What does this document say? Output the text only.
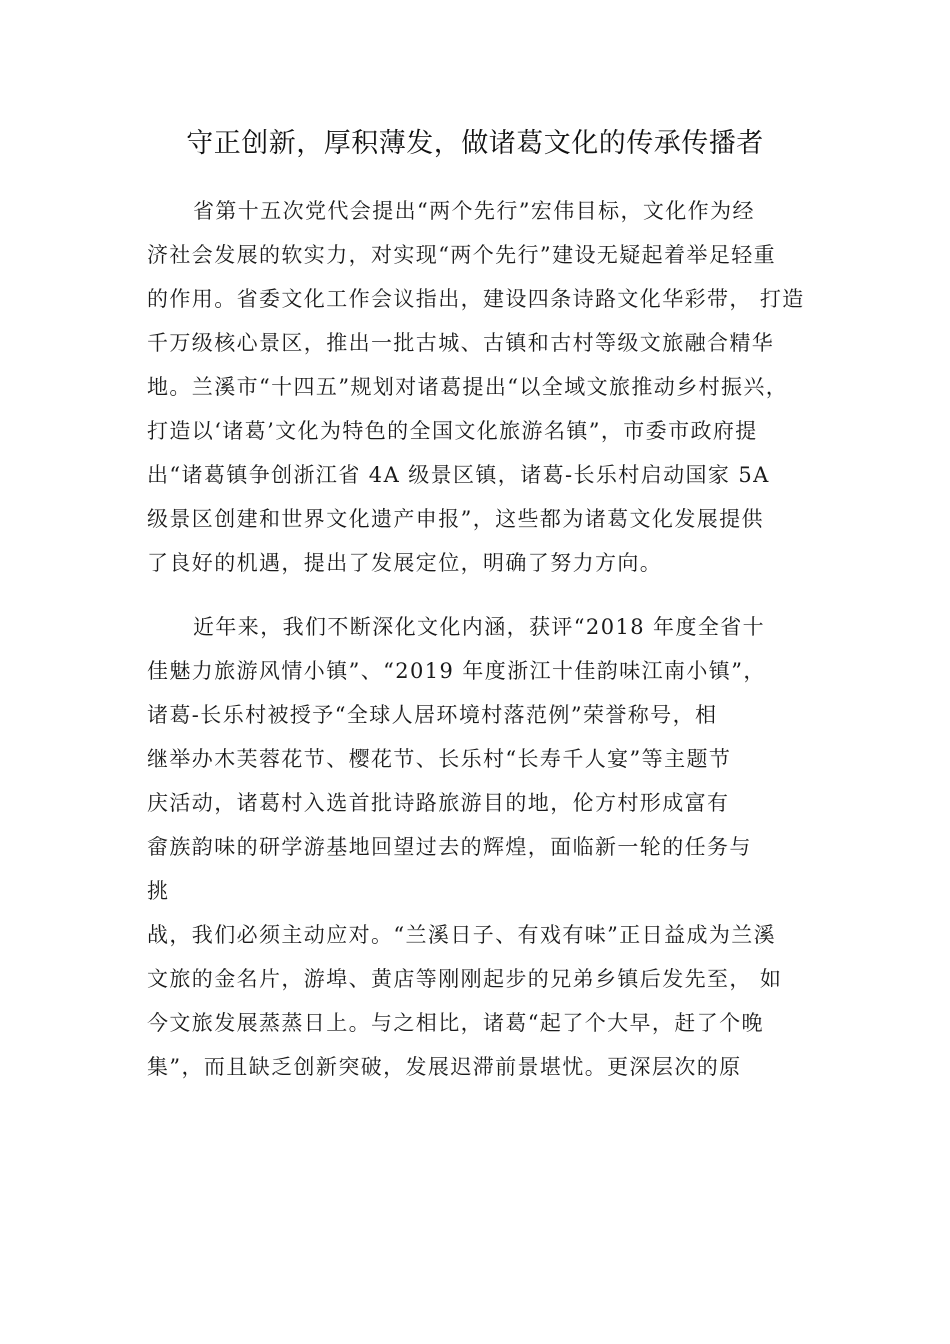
守正创新，厚积薄发，做诸葛文化的传承传播者
省第十五次党代会提出“两个先行”宏伟目标，文化作为经
济社会发展的软实力，对实现“两个先行”建设无疑起着举足轻重
的作用。省委文化工作会议指出，建设四条诗路文化华彩带， 打造
千万级核心景区，推出一批古城、古镇和古村等级文旅融合精华
地。兰溪市“十四五”规划对诸葛提出“以全域文旅推动乡村振兴，
打造以‘诸葛’文化为特色的全国文化旅游名镇”，市委市政府提
出“诸葛镇争创浙江省 4A 级景区镇，诸葛-长乐村启动国家 5A
级景区创建和世界文化遗产申报”，这些都为诸葛文化发展提供
了良好的机遇，提出了发展定位，明确了努力方向。
近年来，我们不断深化文化内涵，获评“2018 年度全省十
佳魅力旅游风情小镇”、“2019 年度浙江十佳韵味江南小镇”，
诸葛-长乐村被授予“全球人居环境村落范例”荣誉称号，相
继举办木芙蓉花节、樱花节、长乐村“长寿千人宴”等主题节
庆活动，诸葛村入选首批诗路旅游目的地，伦方村形成富有
畲族韵味的研学游基地回望过去的辉煌，面临新一轮的任务与
挑
战，我们必须主动应对。“兰溪日子、有戏有味”正日益成为兰溪
文旅的金名片，游埠、黄店等刚刚起步的兄弟乡镇后发先至， 如
今文旅发展蒸蒸日上。与之相比，诸葛“起了个大早，赶了个晚
集”，而且缺乏创新突破，发展迟滞前景堪忧。更深层次的原
